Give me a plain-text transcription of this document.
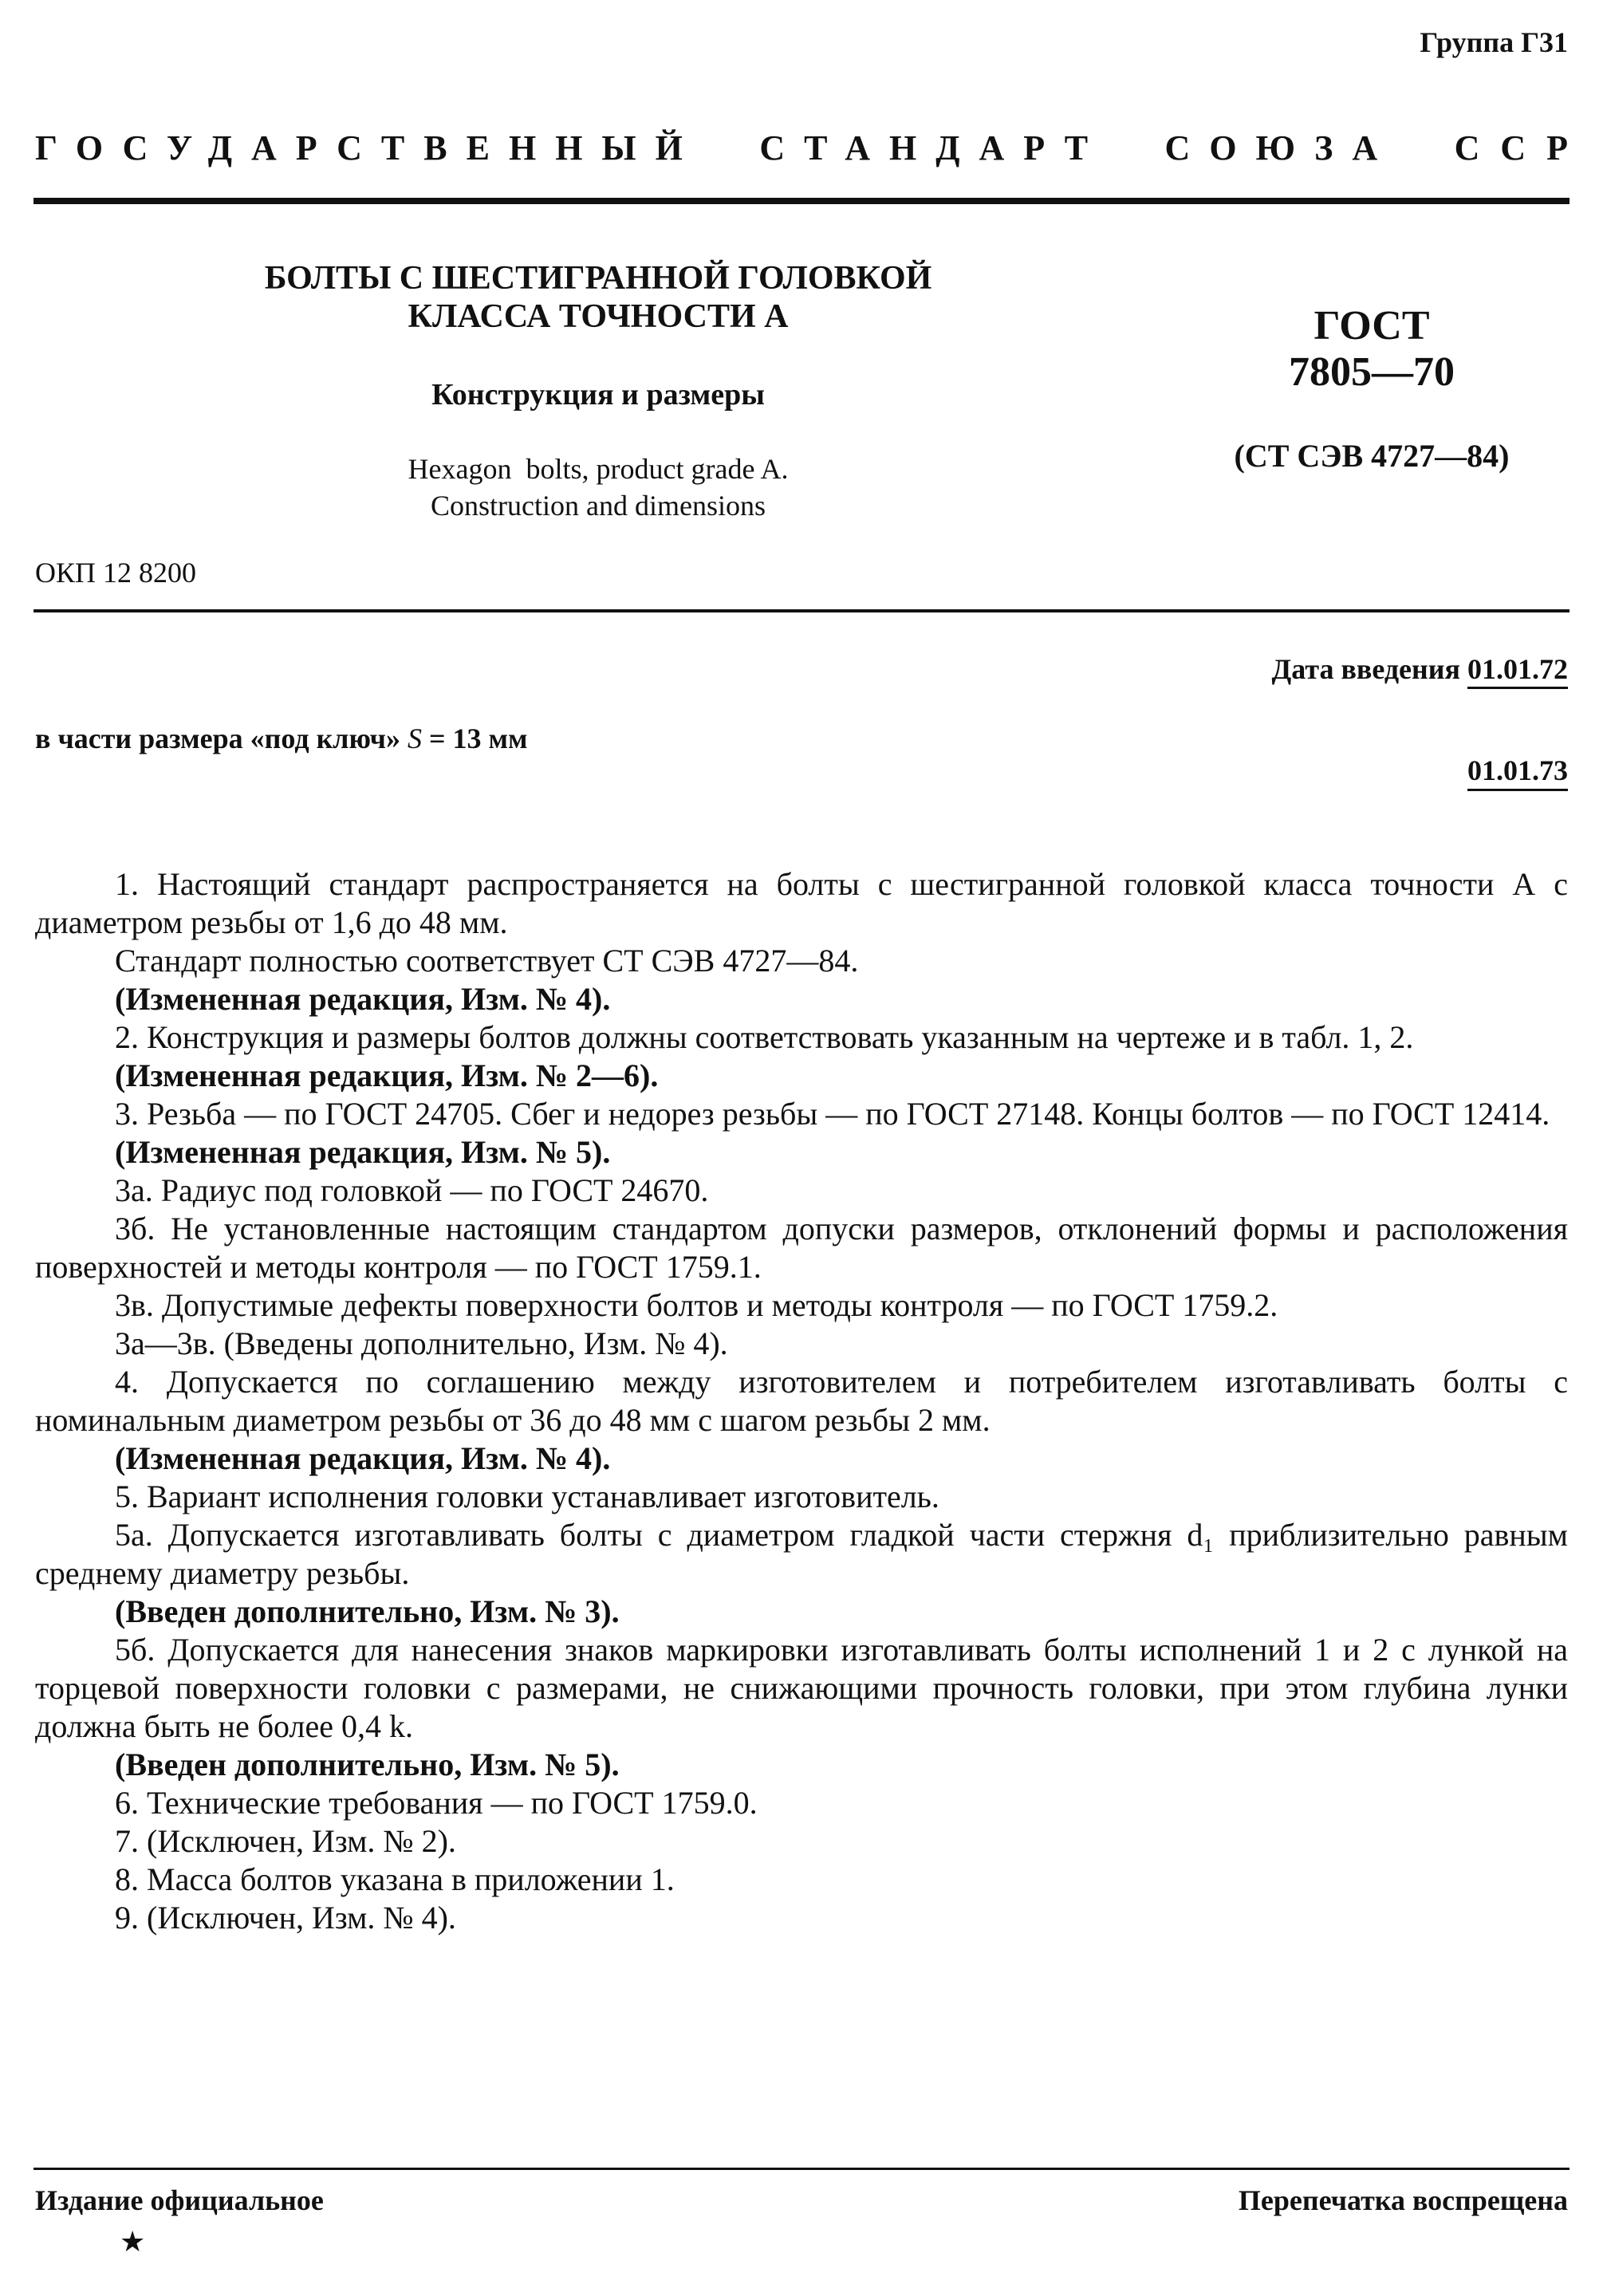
Группа Г31
ГОСУДАРСТВЕННЫЙ СТАНДАРТ СОЮЗА ССР
БОЛТЫ С ШЕСТИГРАННОЙ ГОЛОВКОЙ
КЛАССА ТОЧНОСТИ А
Конструкция и размеры
Hexagon  bolts, product grade A.
Construction and dimensions
ГОСТ
7805—70
(СТ СЭВ 4727—84)
ОКП 12 8200
Дата введения 01.01.72
в части размера «под ключ» S = 13 мм
01.01.73

1. Настоящий стандарт распространяется на болты с шестигранной головкой класса точности А с диаметром резьбы от 1,6 до 48 мм.

Стандарт полностью соответствует СТ СЭВ 4727—84.

(Измененная редакция, Изм. № 4).

2. Конструкция и размеры болтов должны соответствовать указанным на чертеже и в табл. 1, 2.

(Измененная редакция, Изм. № 2—6).

3. Резьба — по ГОСТ 24705. Сбег и недорез резьбы — по ГОСТ 27148. Концы болтов — по ГОСТ 12414.

(Измененная редакция, Изм. № 5).

3а. Радиус под головкой — по ГОСТ 24670.

3б. Не установленные настоящим стандартом допуски размеров, отклонений формы и расположения поверхностей и методы контроля — по ГОСТ 1759.1.

3в. Допустимые дефекты поверхности болтов и методы контроля — по ГОСТ 1759.2.

3а—3в. (Введены дополнительно, Изм. № 4).

4. Допускается по соглашению между изготовителем и потребителем изготавливать болты с номинальным диаметром резьбы от 36 до 48 мм с шагом резьбы 2 мм.

(Измененная редакция, Изм. № 4).

5. Вариант исполнения головки устанавливает изготовитель.

5а. Допускается изготавливать болты с диаметром гладкой части стержня d₁ приблизительно равным среднему диаметру резьбы.

(Введен дополнительно, Изм. № 3).

5б. Допускается для нанесения знаков маркировки изготавливать болты исполнений 1 и 2 с лункой на торцевой поверхности головки с размерами, не снижающими прочность головки, при этом глубина лунки должна быть не более 0,4 k.

(Введен дополнительно, Изм. № 5).

6. Технические требования — по ГОСТ 1759.0.

7. (Исключен, Изм. № 2).

8. Масса болтов указана в приложении 1.

9. (Исключен, Изм. № 4).

Издание официальное
★
Перепечатка воспрещена
